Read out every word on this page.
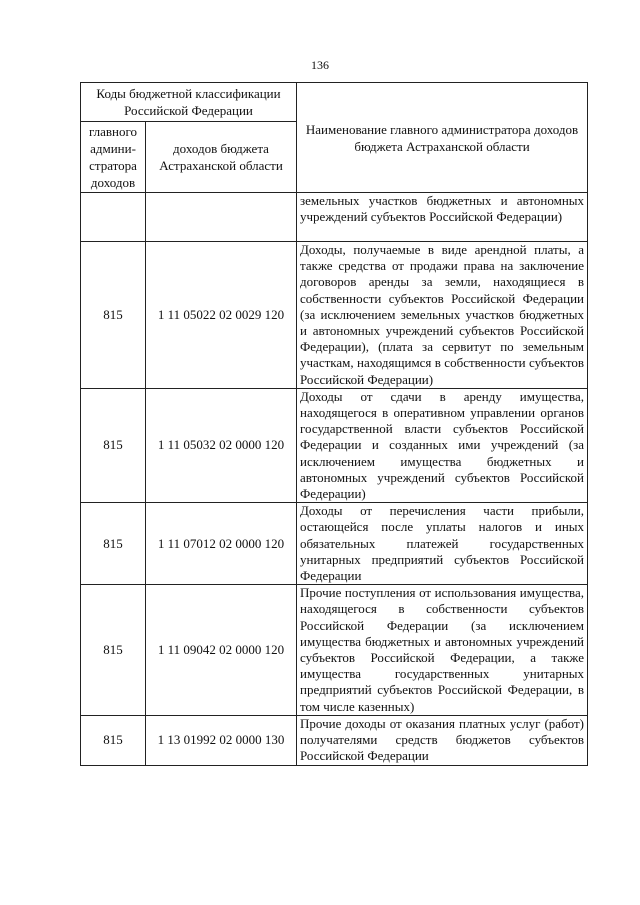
136
Коды бюджетной классификации Российской Федерации		Наименование главного администратора доходов бюджета Астраханской области
главного админи-стратора доходов	доходов бюджета Астраханской области	
		земельных участков бюджетных и автономных учреждений субъектов Российской Федерации)
815	1 11 05022 02 0029 120	Доходы, получаемые в виде арендной платы, а также средства от продажи права на заключение договоров аренды за земли, находящиеся в собственности субъектов Российской Федерации (за исключением земельных участков бюджетных и автономных учреждений субъектов Российской Федерации), (плата за сервитут по земельным участкам, находящимся в собственности субъектов Российской Федерации)
815	1 11 05032 02 0000 120	Доходы от сдачи в аренду имущества, находящегося в оперативном управлении органов государственной власти субъектов Российской Федерации и созданных ими учреждений (за исключением имущества бюджетных и автономных учреждений субъектов Российской Федерации)
815	1 11 07012 02 0000 120	Доходы от перечисления части прибыли, остающейся после уплаты налогов и иных обязательных платежей государственных унитарных предприятий субъектов Российской Федерации
815	1 11 09042 02 0000 120	Прочие поступления от использования имущества, находящегося в собственности субъектов Российской Федерации (за исключением имущества бюджетных и автономных учреждений субъектов Российской Федерации, а также имущества государственных унитарных предприятий субъектов Российской Федерации, в том числе казенных)
815	1 13 01992 02 0000 130	Прочие доходы от оказания платных услуг (работ) получателями средств бюджетов субъектов Российской Федерации
